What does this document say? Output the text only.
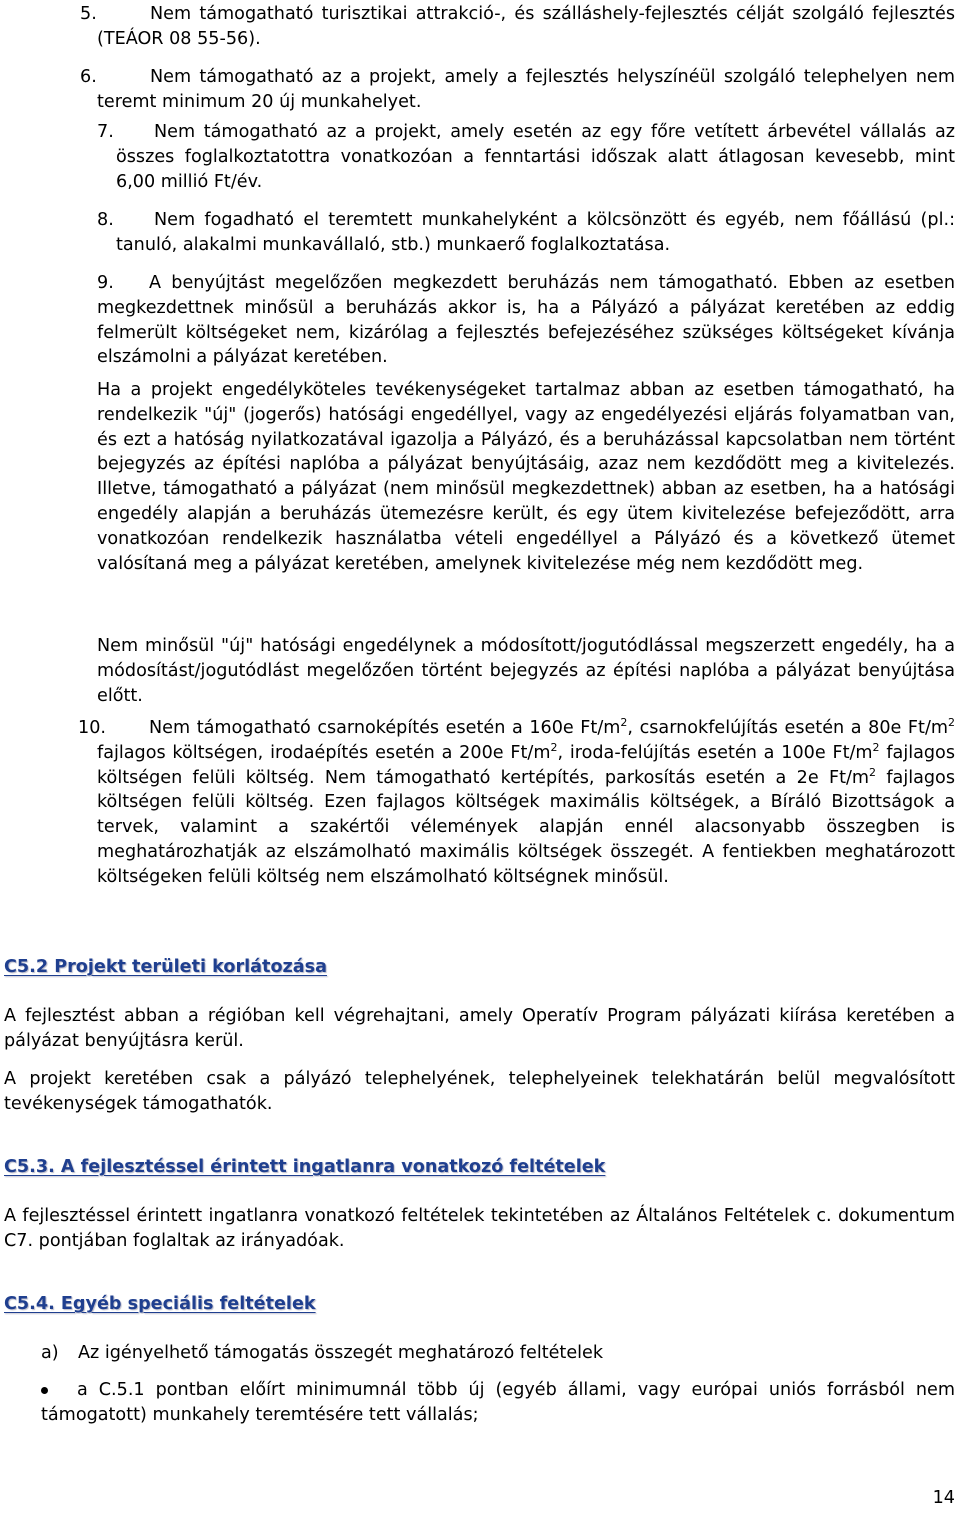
5.	Nem támogatható turisztikai attrakció-, és szálláshely-fejlesztés célját szolgáló fejlesztés (TEÁOR 08 55-56).
6.	Nem támogatható az a projekt, amely a fejlesztés helyszínéül szolgáló telephelyen nem teremt minimum 20 új munkahelyet.
7.	Nem támogatható az a projekt, amely esetén az egy főre vetített árbevétel vállalás az összes foglalkoztatottra vonatkozóan a fenntartási időszak alatt átlagosan kevesebb, mint 6,00 millió Ft/év.
8.	Nem fogadható el teremtett munkahelyként a kölcsönzött és egyéb, nem főállású (pl.: tanuló, alakalmi munkavállaló, stb.) munkaerő foglalkoztatása.
9.	A benyújtást megelőzően megkezdett beruházás nem támogatható. Ebben az esetben megkezdettnek minősül a beruházás akkor is, ha a Pályázó a pályázat keretében az eddig felmerült költségeket nem, kizárólag a fejlesztés befejezéséhez szükséges költségeket kívánja elszámolni a pályázat keretében.
Ha a projekt engedélyköteles tevékenységeket tartalmaz abban az esetben támogatható, ha rendelkezik "új" (jogerős) hatósági engedéllyel, vagy az engedélyezési eljárás folyamatban van, és ezt a hatóság nyilatkozatával igazolja a Pályázó, és a beruházással kapcsolatban nem történt bejegyzés az építési naplóba a pályázat benyújtásáig, azaz nem kezdődött meg a kivitelezés. Illetve, támogatható a pályázat (nem minősül megkezdettnek) abban az esetben, ha a hatósági engedély alapján a beruházás ütemezésre került, és egy ütem kivitelezése befejeződött, arra vonatkozóan rendelkezik használatba vételi engedéllyel a Pályázó és a következő ütemet valósítaná meg a pályázat keretében, amelynek kivitelezése még nem kezdődött meg.
Nem minősül "új" hatósági engedélynek a módosított/jogutódlással megszerzett engedély, ha a módosítást/jogutódlást megelőzően történt bejegyzés az építési naplóba a pályázat benyújtása előtt.
10.	Nem támogatható csarnoképítés esetén a 160e $Ft/m^2$, csarnokfelújítás esetén a 80e $Ft/m^2$ fajlagos költségen, irodaépítés esetén a 200e $Ft/m^2$, iroda-felújítás esetén a 100e $Ft/m^2$ fajlagos költségen felüli költség. Nem támogatható kertépítés, parkosítás esetén a 2e $Ft/m^2$ fajlagos költségen felüli költség. Ezen fajlagos költségek maximális költségek, a Bíráló Bizottságok a tervek, valamint a szakértői vélemények alapján ennél alacsonyabb összegben is meghatározhatják az elszámolható maximális költségek összegét. A fentiekben meghatározott költségeken felüli költség nem elszámolható költségnek minősül.
C5.2 Projekt területi korlátozása
A fejlesztést abban a régióban kell végrehajtani, amely Operatív Program pályázati kiírása keretében a pályázat benyújtásra kerül.
A projekt keretében csak a pályázó telephelyének, telephelyeinek telekhatárán belül megvalósított tevékenységek támogathatók.
C5.3. A fejlesztéssel érintett ingatlanra vonatkozó feltételek
A fejlesztéssel érintett ingatlanra vonatkozó feltételek tekintetében az Általános Feltételek c. dokumentum C7. pontjában foglaltak az irányadóak.
C5.4. Egyéb speciális feltételek
a) Az igényelhető támogatás összegét meghatározó feltételek
a C.5.1 pontban előírt minimumnál több új (egyéb állami, vagy európai uniós forrásból nem támogatott) munkahely teremtésére tett vállalás;
14
